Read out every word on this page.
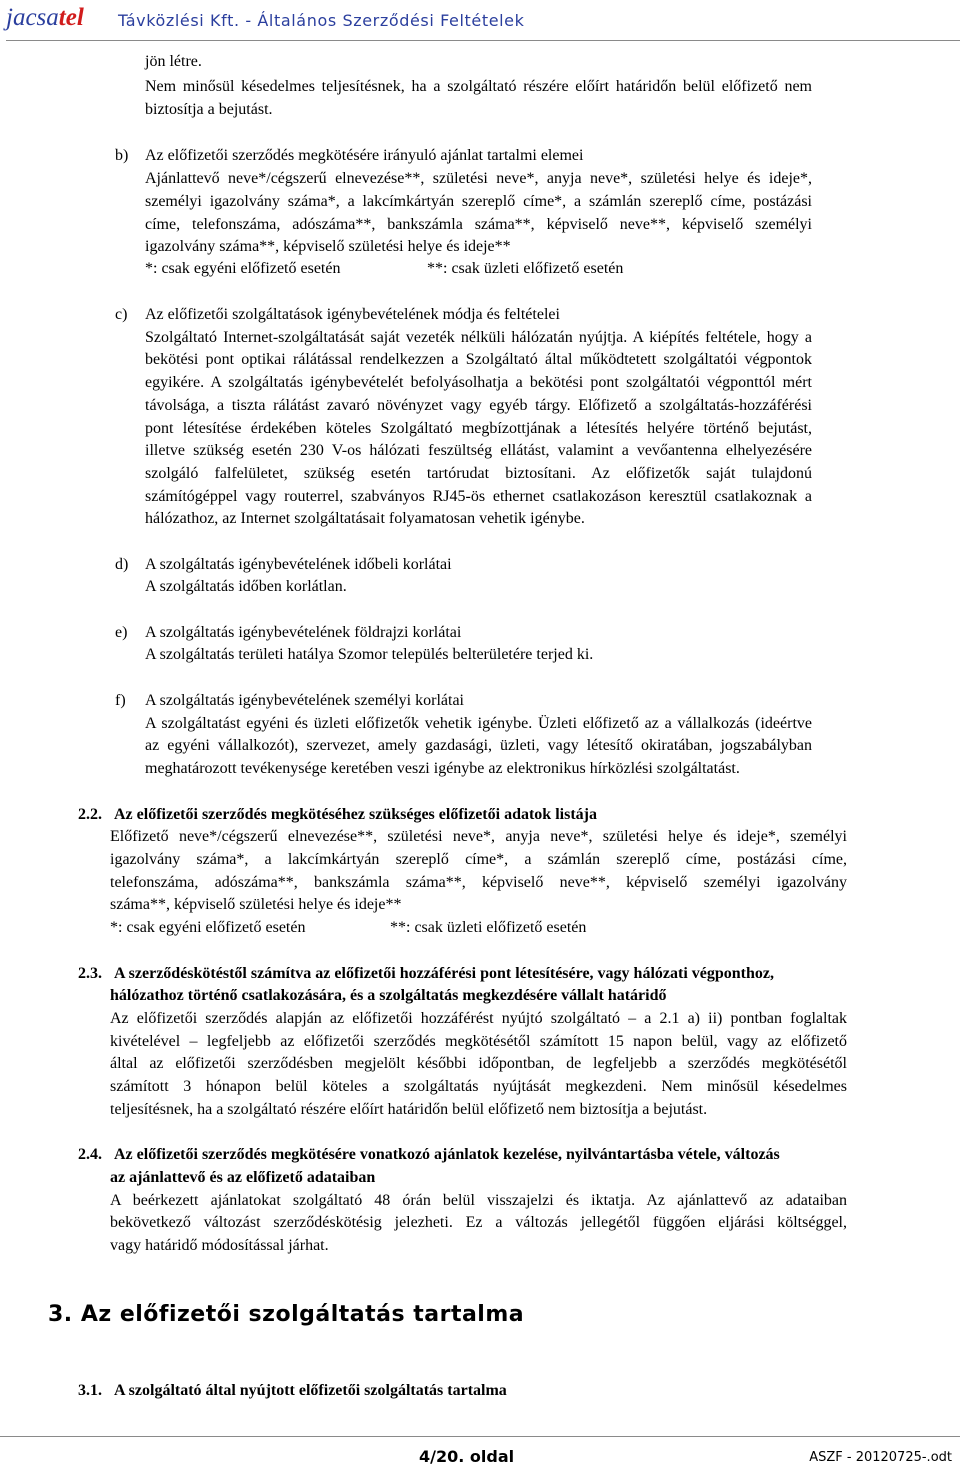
jacsatel Távközlési Kft. - Általános Szerződési Feltételek
jön létre.
Nem minősül késedelmes teljesítésnek, ha a szolgáltató részére előírt határidőn belül előfizető nem
biztosítja a bejutást.
b) Az előfizetői szerződés megkötésére irányuló ajánlat tartalmi elemei
Ajánlattevő neve*/cégszerű elnevezése**, születési neve*, anyja neve*, születési helye és ideje*,
személyi igazolvány száma*, a lakcímkártyán szereplő címe*, a számlán szereplő címe, postázási
címe, telefonszáma, adószáma**, bankszámla száma**, képviselő neve**, képviselő személyi
igazolvány száma**, képviselő születési helye és ideje**
*: csak egyéni előfizető esetén	**: csak üzleti előfizető esetén
c) Az előfizetői szolgáltatások igénybevételének módja és feltételei
Szolgáltató Internet-szolgáltatását saját vezeték nélküli hálózatán nyújtja. A kiépítés feltétele, hogy a
bekötési pont optikai rálátással rendelkezzen a Szolgáltató által működtetett szolgáltatói végpontok
egyikére. A szolgáltatás igénybevételét befolyásolhatja a bekötési pont szolgáltatói végponttól mért
távolsága, a tiszta rálátást zavaró növényzet vagy egyéb tárgy. Előfizető a szolgáltatás-hozzáférési
pont létesítése érdekében köteles Szolgáltató megbízottjának a létesítés helyére történő bejutást,
illetve szükség esetén 230 V-os hálózati feszültség ellátást, valamint a vevőantenna elhelyezésére
szolgáló falfelületet, szükség esetén tartórudat biztosítani. Az előfizetők saját tulajdonú
számítógéppel vagy routerrel, szabványos RJ45-ös ethernet csatlakozáson keresztül csatlakoznak a
hálózathoz, az Internet szolgáltatásait folyamatosan vehetik igénybe.
d) A szolgáltatás igénybevételének időbeli korlátai
A szolgáltatás időben korlátlan.
e) A szolgáltatás igénybevételének földrajzi korlátai
A szolgáltatás területi hatálya Szomor település belterületére terjed ki.
f) A szolgáltatás igénybevételének személyi korlátai
A szolgáltatást egyéni és üzleti előfizetők vehetik igénybe. Üzleti előfizető az a vállalkozás (ideértve
az egyéni vállalkozót), szervezet, amely gazdasági, üzleti, vagy létesítő okiratában, jogszabályban
meghatározott tevékenysége keretében veszi igénybe az elektronikus hírközlési szolgáltatást.
2.2. Az előfizetői szerződés megkötéséhez szükséges előfizetői adatok listája
Előfizető neve*/cégszerű elnevezése**, születési neve*, anyja neve*, születési helye és ideje*, személyi
igazolvány száma*, a lakcímkártyán szereplő címe*, a számlán szereplő címe, postázási címe,
telefonszáma, adószáma**, bankszámla száma**, képviselő neve**, képviselő személyi igazolvány
száma**, képviselő születési helye és ideje**
*: csak egyéni előfizető esetén	**: csak üzleti előfizető esetén
2.3. A szerződéskötéstől számítva az előfizetői hozzáférési pont létesítésére, vagy hálózati végponthoz,
hálózathoz történő csatlakozására, és a szolgáltatás megkezdésére vállalt határidő
Az előfizetői szerződés alapján az előfizetői hozzáférést nyújtó szolgáltató – a 2.1 a) ii) pontban foglaltak
kivételével – legfeljebb az előfizetői szerződés megkötésétől számított 15 napon belül, vagy az előfizető
által az előfizetői szerződésben megjelölt későbbi időpontban, de legfeljebb a szerződés megkötésétől
számított 3 hónapon belül köteles a szolgáltatás nyújtását megkezdeni. Nem minősül késedelmes
teljesítésnek, ha a szolgáltató részére előírt határidőn belül előfizető nem biztosítja a bejutást.
2.4. Az előfizetői szerződés megkötésére vonatkozó ajánlatok kezelése, nyilvántartásba vétele, változás
az ajánlattevő és az előfizető adataiban
A beérkezett ajánlatokat szolgáltató 48 órán belül visszajelzi és iktatja. Az ajánlattevő az adataiban
bekövetkező változást szerződéskötésig jelezheti. Ez a változás jellegétől függően eljárási költséggel,
vagy határidő módosítással járhat.
3.1. A szolgáltató által nyújtott előfizetői szolgáltatás tartalma
3. Az előfizetői szolgáltatás tartalma
4/20. oldal	ASZF - 20120725-.odt
